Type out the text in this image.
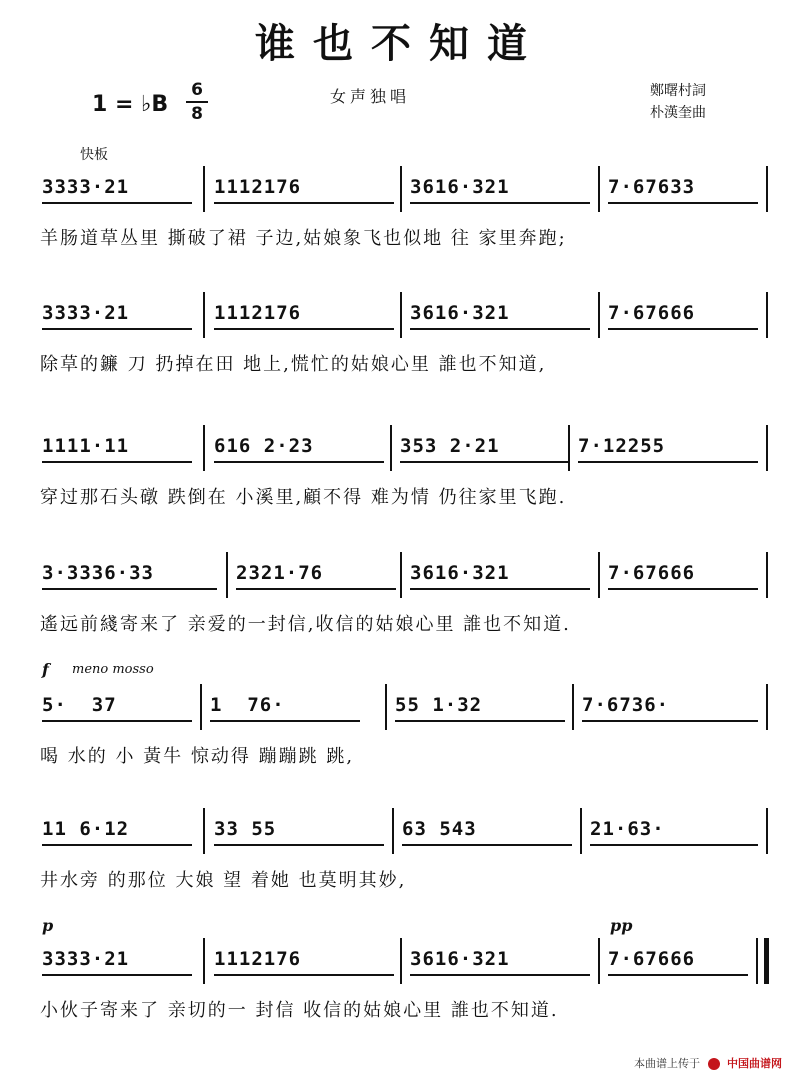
谁也不知道
1 = ♭B
6
8
女声独唱	鄭曙村詞
朴漢奎曲
快板
3333·21	1112176	3616·321	7·67633
羊肠道草丛里 撕破了裙 子边,姑娘象飞也似地 往 家里奔跑;
3333·21	1112176	3616·321	7·67666
除草的鐮 刀 扔掉在田 地上,慌忙的姑娘心里 誰也不知道,
1111·11	616 2·23	353 2·21	7·12255
穿过那石头礅 跌倒在 小溪里,顧不得 难为情 仍往家里飞跑.
3·3336·33	2321·76	3616·321	7·67666
遙远前綫寄来了 亲爱的一封信,收信的姑娘心里 誰也不知道.
f meno mosso
5·  37	1  76·	55 1·32	7·6736·
喝 水的 小 黃牛 惊动得 蹦蹦跳 跳,
11 6·12	33 55	63 543	21·63·
井水旁 的那位 大娘 望 着她 也莫明其妙,
p	pp
3333·21	1112176	3616·321	7·67666
小伙子寄来了 亲切的一 封信 收信的姑娘心里 誰也不知道.
本曲谱上传于 中国曲谱网
